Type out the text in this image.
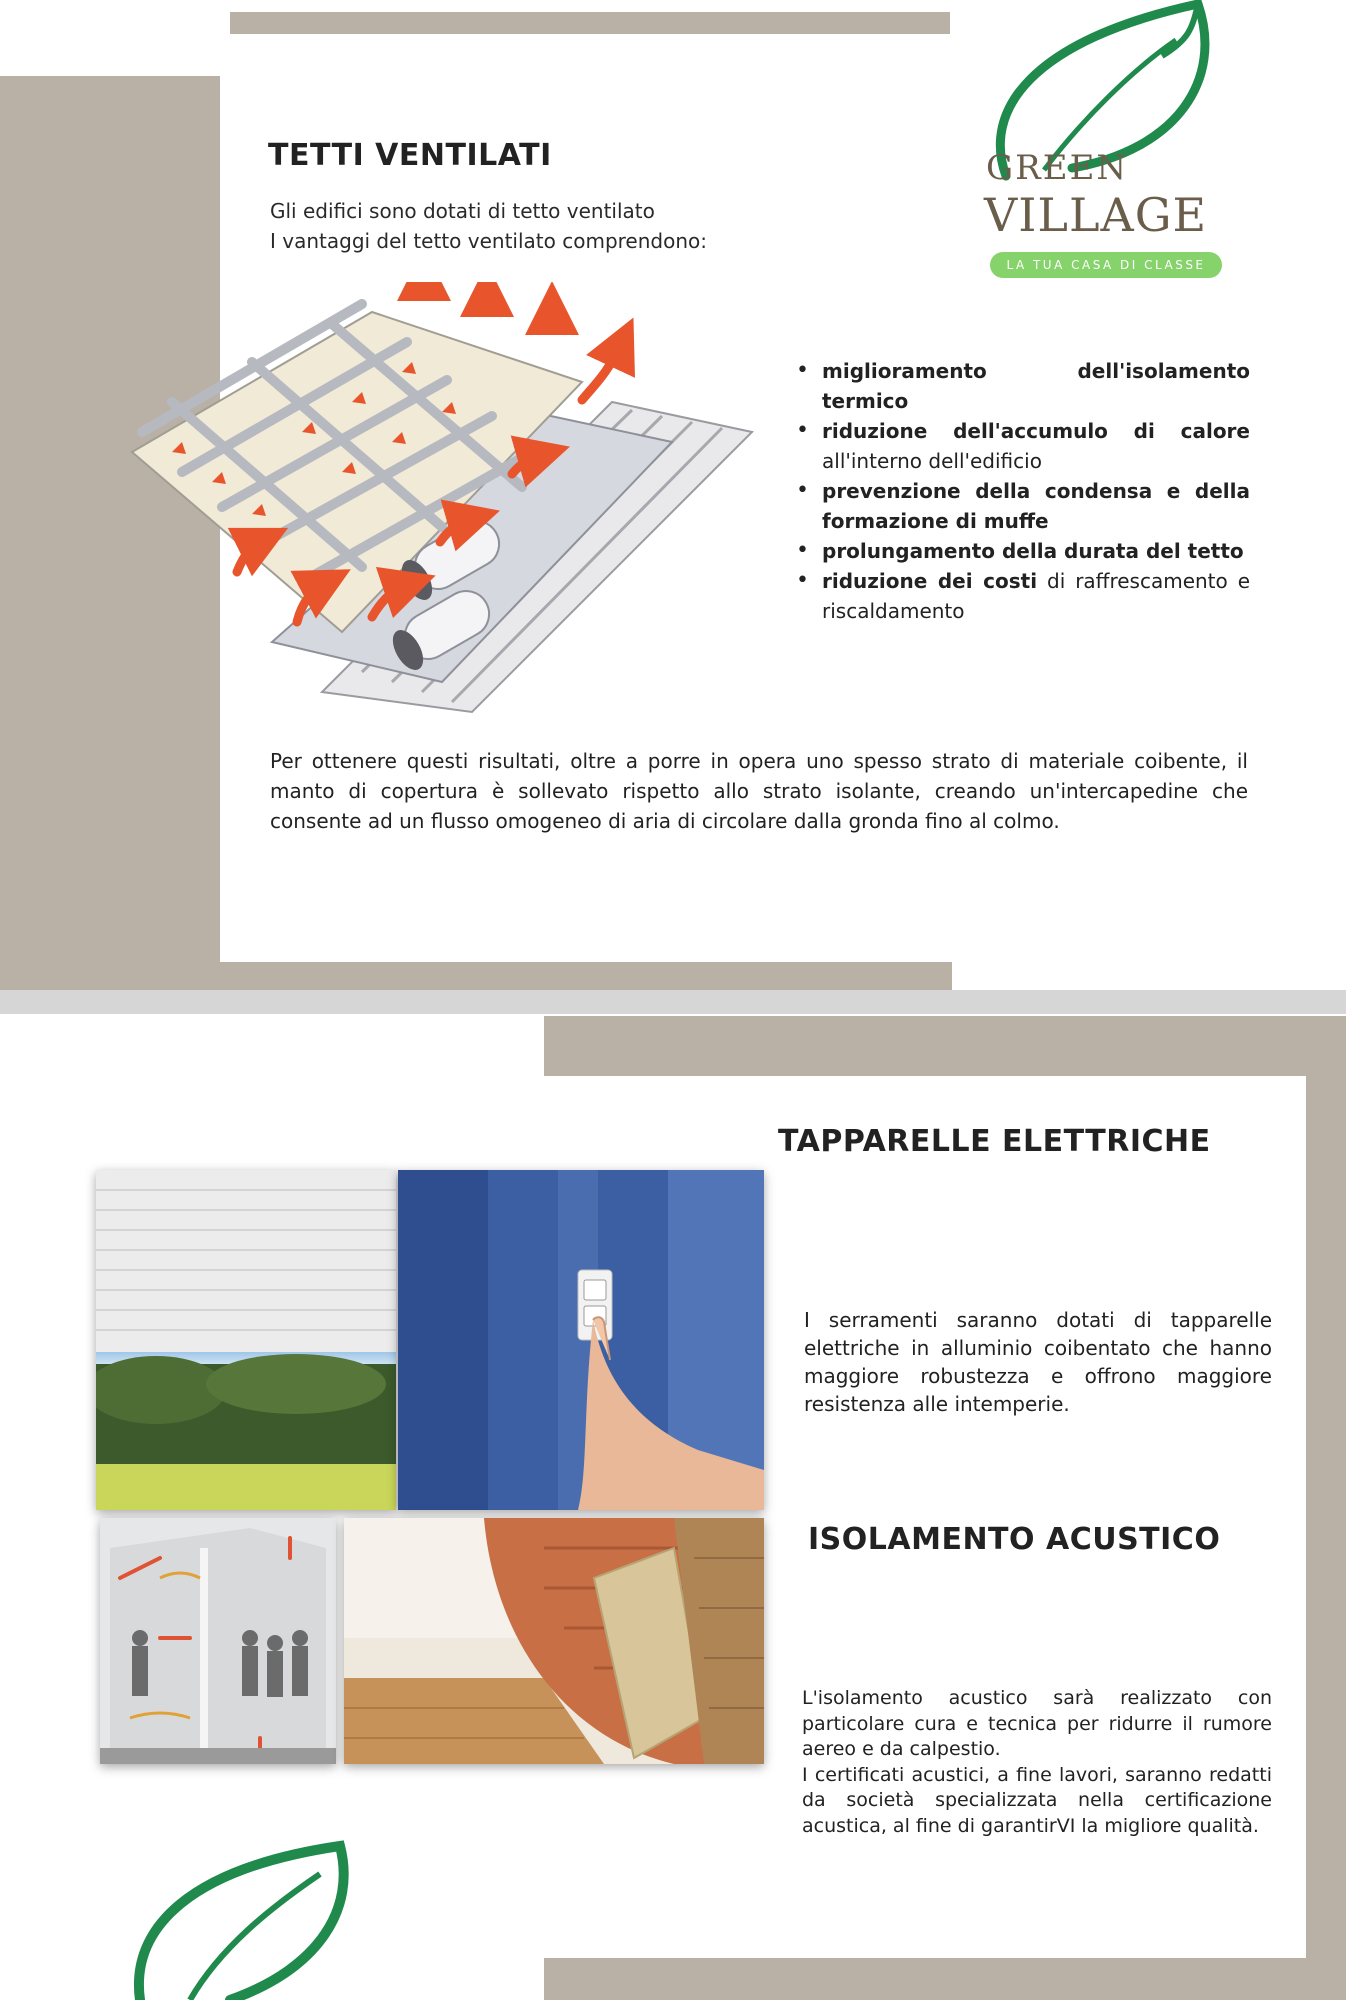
TETTI VENTILATI
Gli edifici sono dotati di tetto ventilato
I vantaggi del tetto ventilato comprendono:
GREEN
VILLAGE
LA TUA CASA DI CLASSE
• miglioramento dell'isolamento termico
• riduzione dell'accumulo di calore all'interno dell'edificio
• prevenzione della condensa e della formazione di muffe
• prolungamento della durata del tetto
• riduzione dei costi di raffrescamento e riscaldamento

Per ottenere questi risultati, oltre a porre in opera uno spesso strato di materiale coibente, il manto di copertura è sollevato rispetto allo strato isolante, creando un'intercapedine che consente ad un flusso omogeneo di aria di circolare dalla gronda fino al colmo.

TAPPARELLE ELETTRICHE

I serramenti saranno dotati di tapparelle elettriche in alluminio coibentato che hanno maggiore robustezza e offrono maggiore resistenza alle intemperie.

ISOLAMENTO ACUSTICO
L'isolamento acustico sarà realizzato con particolare cura e tecnica per ridurre il rumore aereo e da calpestio.
I certificati acustici, a fine lavori, saranno redatti da società specializzata nella certificazione acustica, al fine di garantirVI la migliore qualità.
